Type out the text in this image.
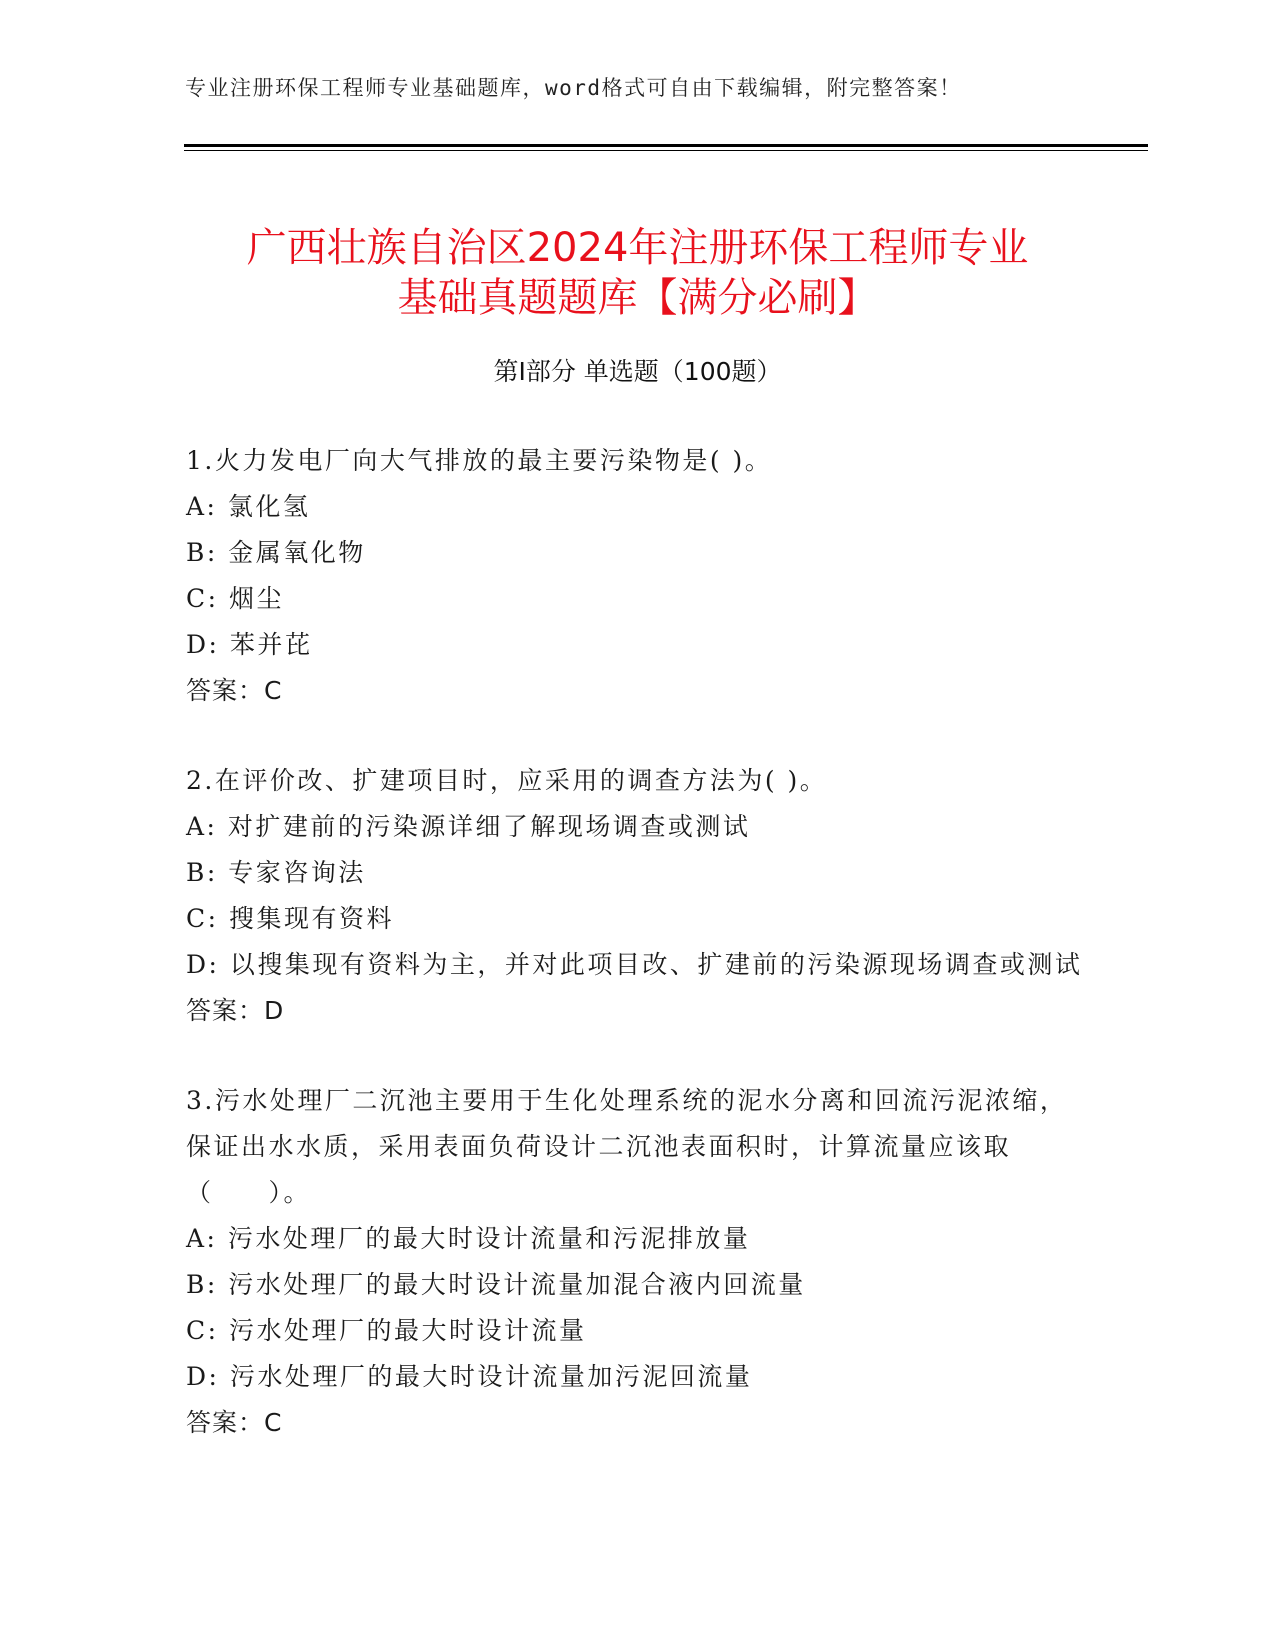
专业注册环保工程师专业基础题库，word格式可自由下载编辑，附完整答案！
广西壮族自治区2024年注册环保工程师专业
基础真题题库【满分必刷】
第Ⅰ部分 单选题（100题）

1.火力发电厂向大气排放的最主要污染物是( )。

A: 氯化氢

B: 金属氧化物

C: 烟尘

D: 苯并芘

答案：C

2.在评价改、扩建项目时，应采用的调查方法为( )。

A: 对扩建前的污染源详细了解现场调查或测试

B: 专家咨询法

C: 搜集现有资料

D: 以搜集现有资料为主，并对此项目改、扩建前的污染源现场调查或测试

答案：D

3.污水处理厂二沉池主要用于生化处理系统的泥水分离和回流污泥浓缩，保证出水水质，采用表面负荷设计二沉池表面积时，计算流量应该取（　　）。

A: 污水处理厂的最大时设计流量和污泥排放量

B: 污水处理厂的最大时设计流量加混合液内回流量

C: 污水处理厂的最大时设计流量

D: 污水处理厂的最大时设计流量加污泥回流量

答案：C
